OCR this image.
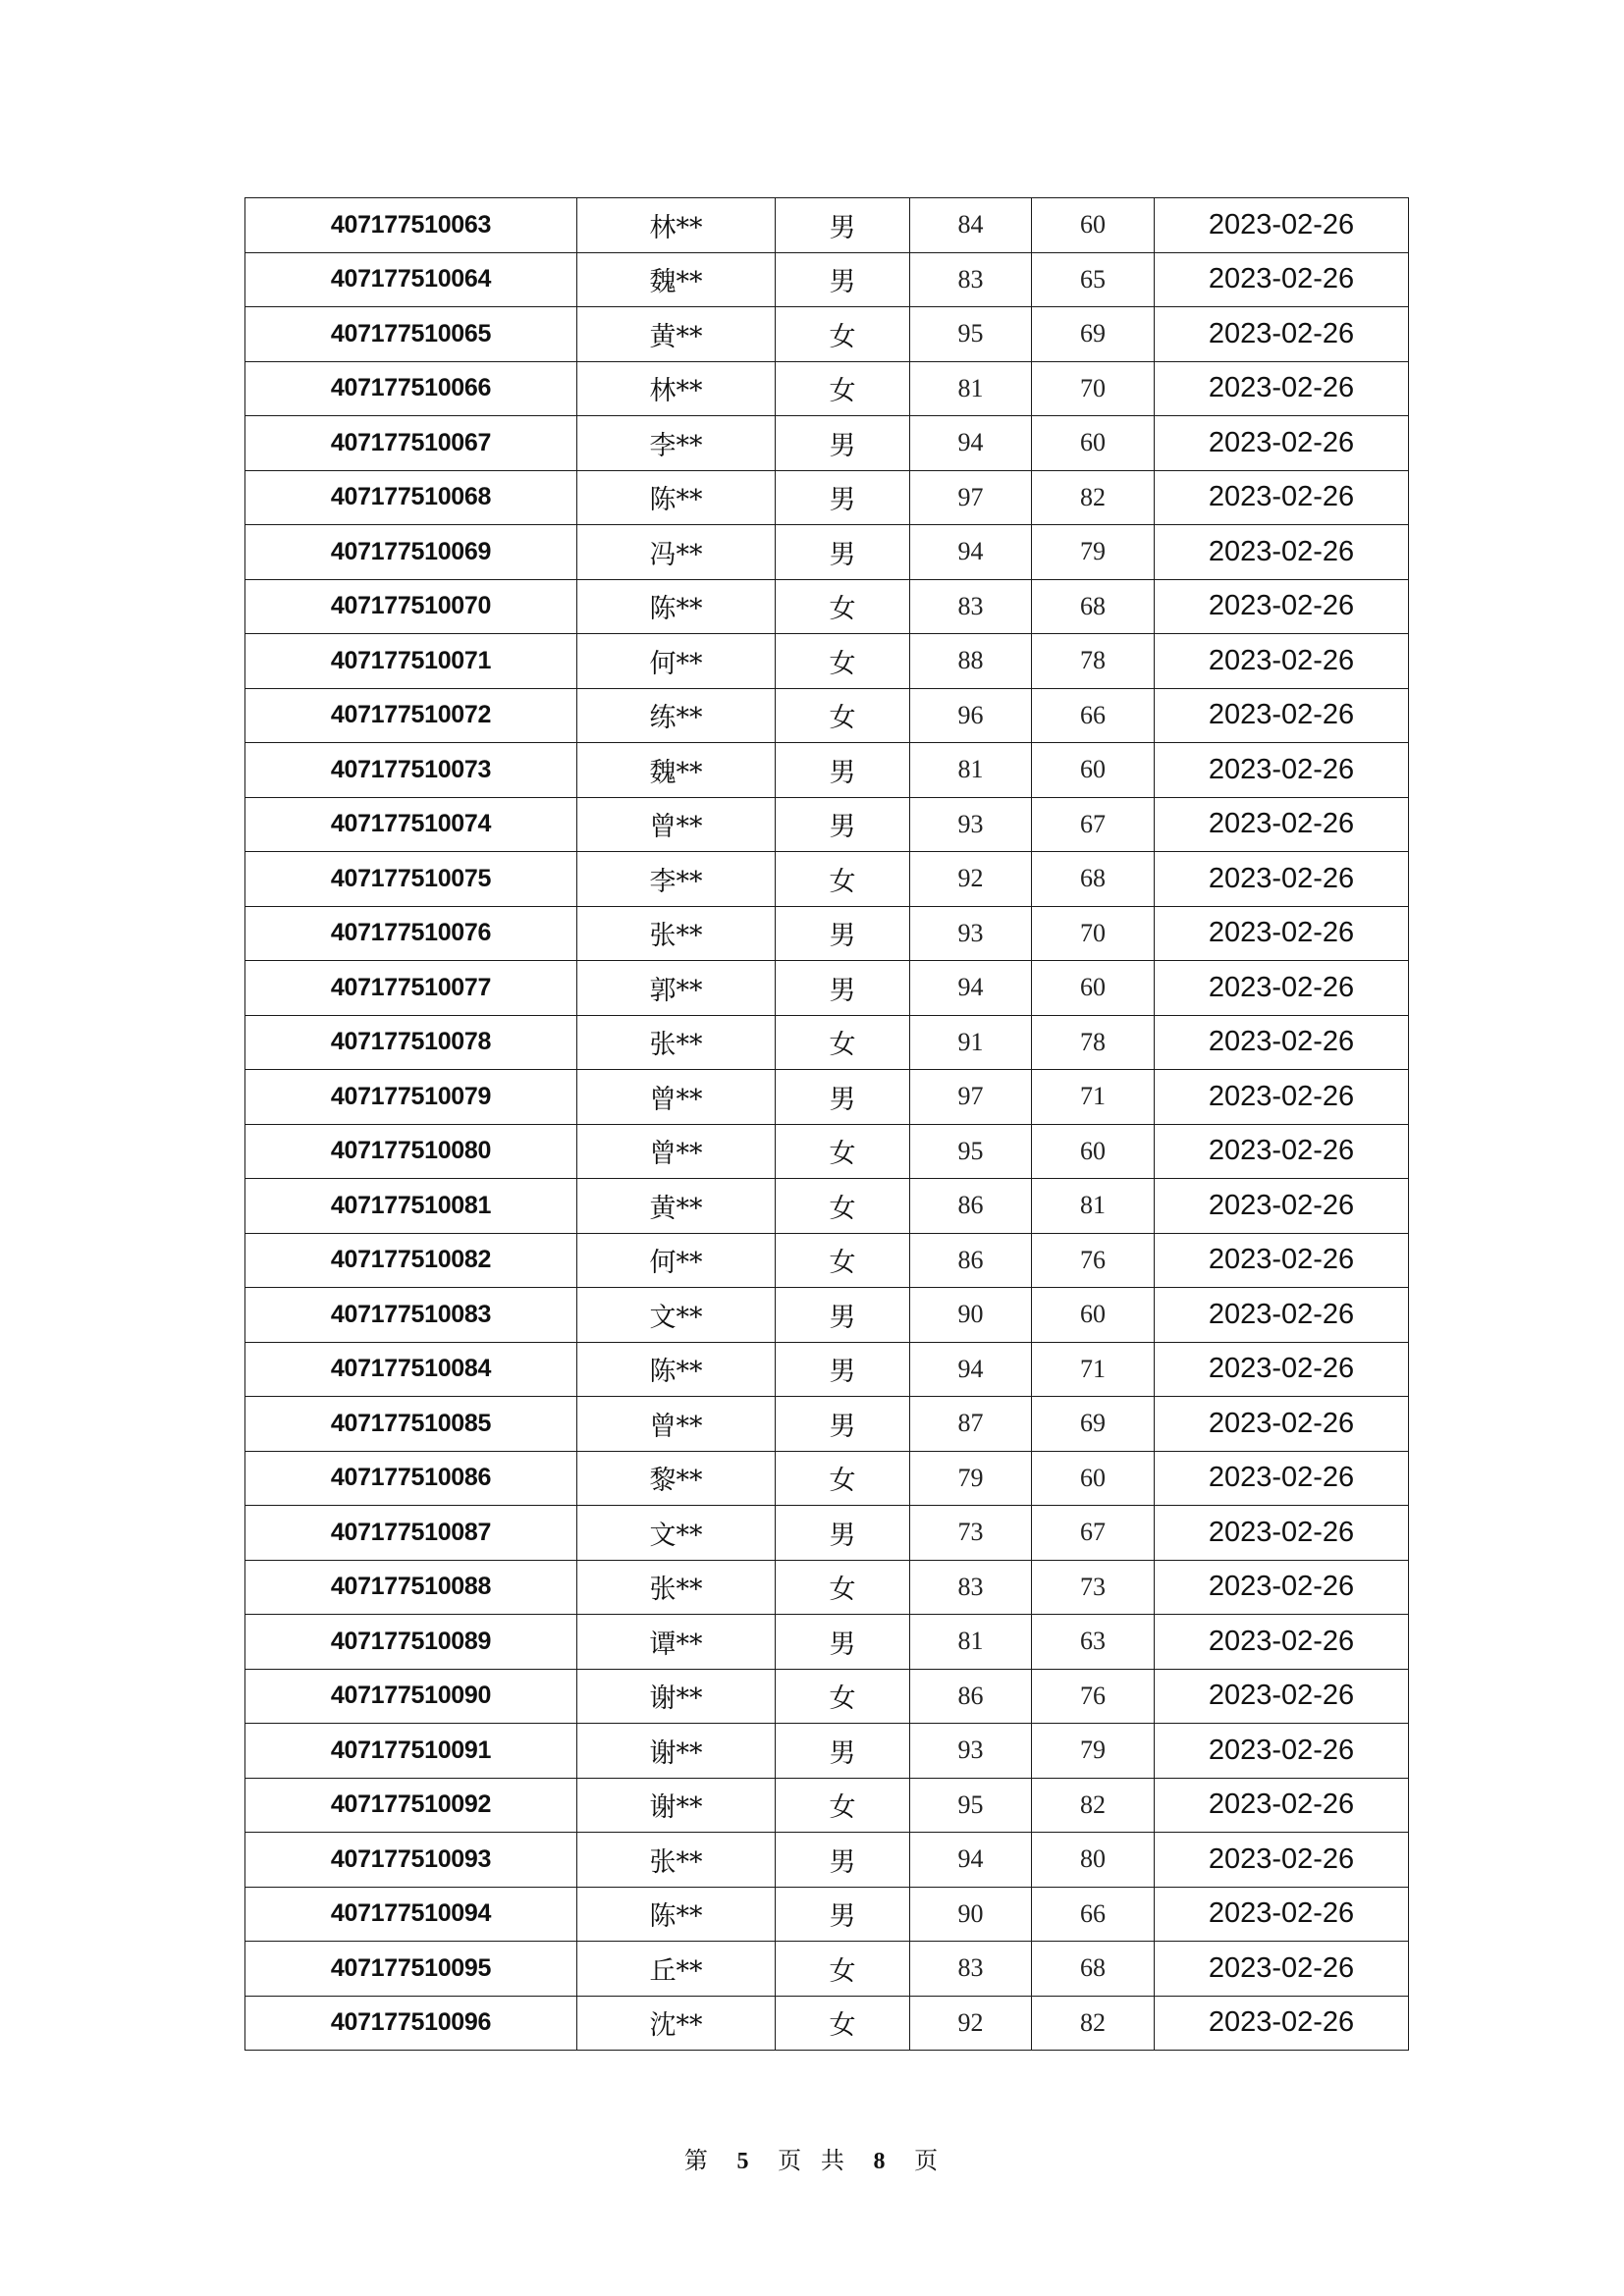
407177510063	林**	男	84	60	2023-02-26
407177510064	魏**	男	83	65	2023-02-26
407177510065	黄**	女	95	69	2023-02-26
407177510066	林**	女	81	70	2023-02-26
407177510067	李**	男	94	60	2023-02-26
407177510068	陈**	男	97	82	2023-02-26
407177510069	冯**	男	94	79	2023-02-26
407177510070	陈**	女	83	68	2023-02-26
407177510071	何**	女	88	78	2023-02-26
407177510072	练**	女	96	66	2023-02-26
407177510073	魏**	男	81	60	2023-02-26
407177510074	曾**	男	93	67	2023-02-26
407177510075	李**	女	92	68	2023-02-26
407177510076	张**	男	93	70	2023-02-26
407177510077	郭**	男	94	60	2023-02-26
407177510078	张**	女	91	78	2023-02-26
407177510079	曾**	男	97	71	2023-02-26
407177510080	曾**	女	95	60	2023-02-26
407177510081	黄**	女	86	81	2023-02-26
407177510082	何**	女	86	76	2023-02-26
407177510083	文**	男	90	60	2023-02-26
407177510084	陈**	男	94	71	2023-02-26
407177510085	曾**	男	87	69	2023-02-26
407177510086	黎**	女	79	60	2023-02-26
407177510087	文**	男	73	67	2023-02-26
407177510088	张**	女	83	73	2023-02-26
407177510089	谭**	男	81	63	2023-02-26
407177510090	谢**	女	86	76	2023-02-26
407177510091	谢**	男	93	79	2023-02-26
407177510092	谢**	女	95	82	2023-02-26
407177510093	张**	男	94	80	2023-02-26
407177510094	陈**	男	90	66	2023-02-26
407177510095	丘**	女	83	68	2023-02-26
407177510096	沈**	女	92	82	2023-02-26
第 5 页 共 8 页
